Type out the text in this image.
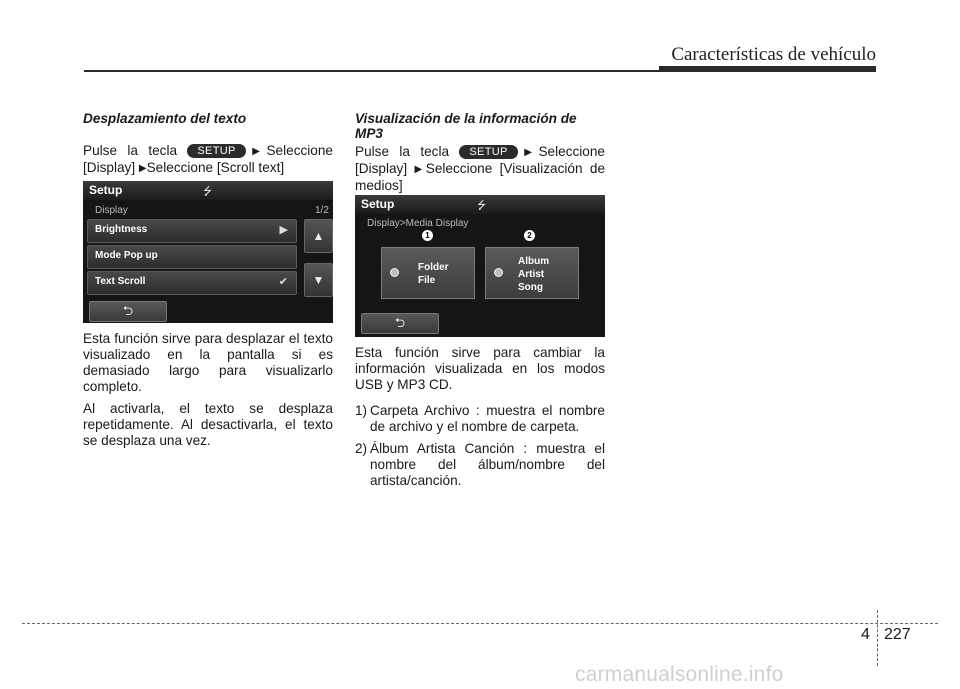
Características de vehículo

Desplazamiento del texto

Pulse la tecla SETUP ▶Seleccione

[Display] ▶Seleccione [Scroll text]

Setup	⭍
Display	1/2
Brightness	▶
Mode Pop up
Text Scroll	✔
▲
▼
⮌

Esta función sirve para desplazar el texto visualizado en la pantalla si es demasiado largo para visualizarlo completo.

Al activarla, el texto se desplaza repetidamente. Al desactivarla, el texto se desplaza una vez.

Visualización de la información de MP3

Pulse la tecla SETUP ▶Seleccione

[Display] ▶Seleccione [Visualización de medios]

Setup	⭍
Display>Media Display
1	2
Folder
File
Album
Artist
Song
⮌

Esta función sirve para cambiar la información visualizada en los modos USB y MP3 CD.

1) Carpeta Archivo : muestra el nombre de archivo y el nombre de carpeta.
2) Álbum Artista Canción : muestra el nombre del álbum/nombre del artista/canción.
4 227
carmanualsonline.info
